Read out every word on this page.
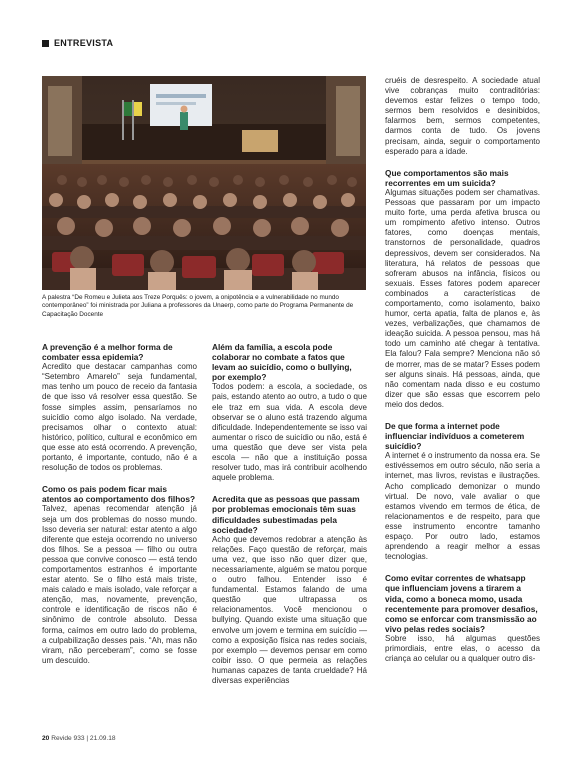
ENTREVISTA

A palestra “De Romeu e Julieta aos Treze Porquês: o jovem, a onipotência e a vulnerabilidade no mundo contemporâneo” foi ministrada por Juliana a professores da Unaerp, como parte do Programa Permanente de Capacitação Docente

A prevenção é a melhor forma de combater essa epidemia?

Acredito que destacar campanhas como “Setembro Amarelo” seja fundamental, mas tenho um pouco de receio da fantasia de que isso vá resolver essa questão. Se fosse simples assim, pensaríamos no suicídio como algo isolado. Na verdade, precisamos olhar o contexto atual: histórico, político, cultural e econômico em que esse ato está ocorrendo. A prevenção, portanto, é importante, contudo, não é a resolução de todos os problemas.

Como os pais podem ficar mais atentos ao comportamento dos filhos?

Talvez, apenas recomendar atenção já seja um dos problemas do nosso mundo. Isso deveria ser natural: estar atento a algo diferente que esteja ocorrendo no universo dos filhos. Se a pessoa — filho ou outra pessoa que convive conosco — está tendo comportamentos estranhos é importante estar atento. Se o filho está mais triste, mais calado e mais isolado, vale reforçar a atenção, mas, novamente, prevenção, controle e identificação de riscos não é sinônimo de controle absoluto. Dessa forma, caímos em outro lado do problema, a culpabilização desses pais. “Ah, mas não viram, não perceberam”, como se fosse um descuido.

Além da família, a escola pode colaborar no combate a fatos que levam ao suicídio, como o bullying, por exemplo?

Todos podem: a escola, a sociedade, os pais, estando atento ao outro, a tudo o que ele traz em sua vida. A escola deve observar se o aluno está trazendo alguma dificuldade. Independentemente se isso vai aumentar o risco de suicídio ou não, está é uma questão que deve ser vista pela escola — não que a instituição possa resolver tudo, mas irá contribuir acolhendo aquele problema.

Acredita que as pessoas que passam por problemas emocionais têm suas dificuldades subestimadas pela sociedade?

Acho que devemos redobrar a atenção às relações. Faço questão de reforçar, mais uma vez, que isso não quer dizer que, necessariamente, alguém se matou porque o outro falhou. Entender isso é fundamental. Estamos falando de uma questão que ultrapassa os relacionamentos. Você mencionou o bullying. Quando existe uma situação que envolve um jovem e termina em suicídio — como a exposição física nas redes sociais, por exemplo — devemos pensar em como coibir isso. O que permeia as relações humanas capazes de tanta crueldade? Há diversas experiências

cruéis de desrespeito. A sociedade atual vive cobranças muito contraditórias: devemos estar felizes o tempo todo, sermos bem resolvidos e desinibidos, falarmos bem, sermos competentes, darmos conta de tudo. Os jovens precisam, ainda, seguir o comportamento esperado para a idade.

Que comportamentos são mais recorrentes em um suicida?

Algumas situações podem ser chamativas. Pessoas que passaram por um impacto muito forte, uma perda afetiva brusca ou um rompimento afetivo intenso. Outros fatores, como doenças mentais, transtornos de personalidade, quadros depressivos, devem ser considerados. Na literatura, há relatos de pessoas que sofreram abusos na infância, físicos ou sexuais. Esses fatores podem aparecer combinados a características de comportamento, como isolamento, baixo humor, certa apatia, falta de planos e, às vezes, verbalizações, que chamamos de ideação suicida. A pessoa pensou, mas há todo um caminho até chegar à tentativa. Ela falou? Fala sempre? Menciona não só de morrer, mas de se matar? Esses podem ser alguns sinais. Há pessoas, ainda, que não comentam nada disso e eu costumo dizer que são essas que escorrem pelo meio dos dedos.

De que forma a internet pode influenciar indivíduos a cometerem suicídio?

A internet é o instrumento da nossa era. Se estivéssemos em outro século, não seria a internet, mas livros, revistas e ilustrações. Acho complicado demonizar o mundo virtual. De novo, vale avaliar o que estamos vivendo em termos de ética, de relacionamentos e de respeito, para que esse instrumento encontre tamanho espaço. Por outro lado, estamos aprendendo a reagir melhor a essas tecnologias.

Como evitar correntes de whatsapp que influenciam jovens a tirarem a vida, como a boneca momo, usada recentemente para promover desafios, como se enforcar com transmissão ao vivo pelas redes sociais?

Sobre isso, há algumas questões primordiais, entre elas, o acesso da criança ao celular ou a qualquer outro dis-

20 Revide 933 | 21.09.18
